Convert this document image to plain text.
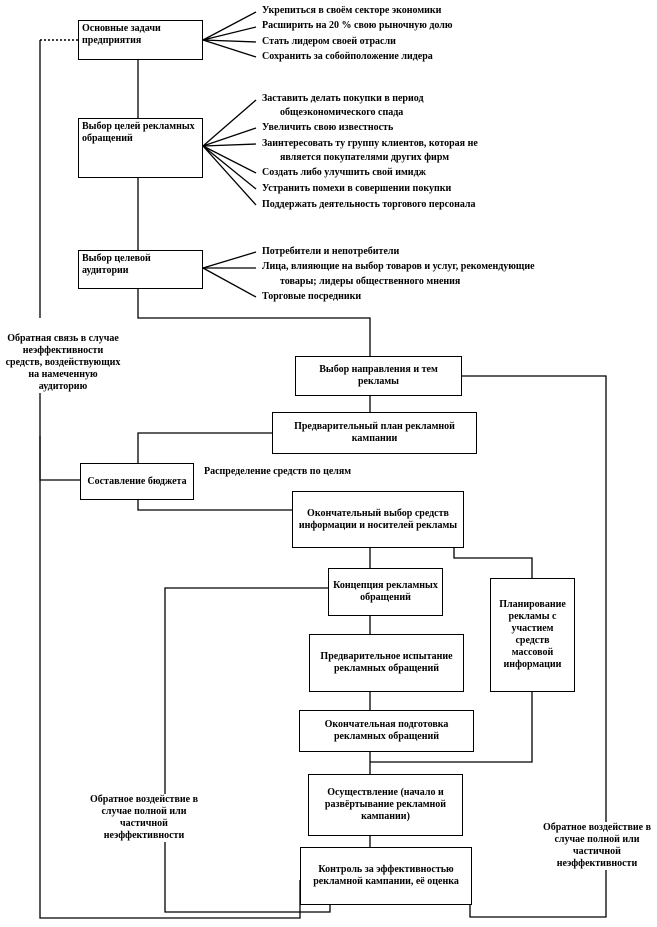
Основные задачи предприятия
Выбор целей рекламных обращений
Выбор целевой аудитории
Выбор направления и тем рекламы
Предварительный план рекламной кампании
Составление бюджета
Окончательный выбор средств информации и носителей рекламы
Концепция рекламных обращений
Предварительное испытание рекламных обращений
Окончательная подготовка рекламных обращений
Осуществление (начало и развёртывание рекламной кампании)
Контроль за эффективностью рекламной кампании, её оценка
Планирование рекламы с участием средств массовой информации
Укрепиться в своём секторе экономики
Расширить на 20 % свою рыночную долю
Стать лидером своей отрасли
Сохранить за собойположение лидера
Заставить делать покупки в период
общеэкономического спада
Увеличить свою известность
Заинтересовать ту группу клиентов, которая не
является покупателями других фирм
Создать либо улучшить свой имидж
Устранить помехи в совершении покупки
Поддержать деятельность торгового персонала
Потребители и непотребители
Лица, влияющие на выбор товаров и услуг, рекомендующие
товары; лидеры общественного мнения
Торговые посредники
Обратная связь в случае неэффективности средств, воздействующих на намеченную аудиторию
Распределение средств по целям
Обратное воздействие в случае полной или частичной неэффективности
Обратное воздействие в случае полной или частичной неэффективности
